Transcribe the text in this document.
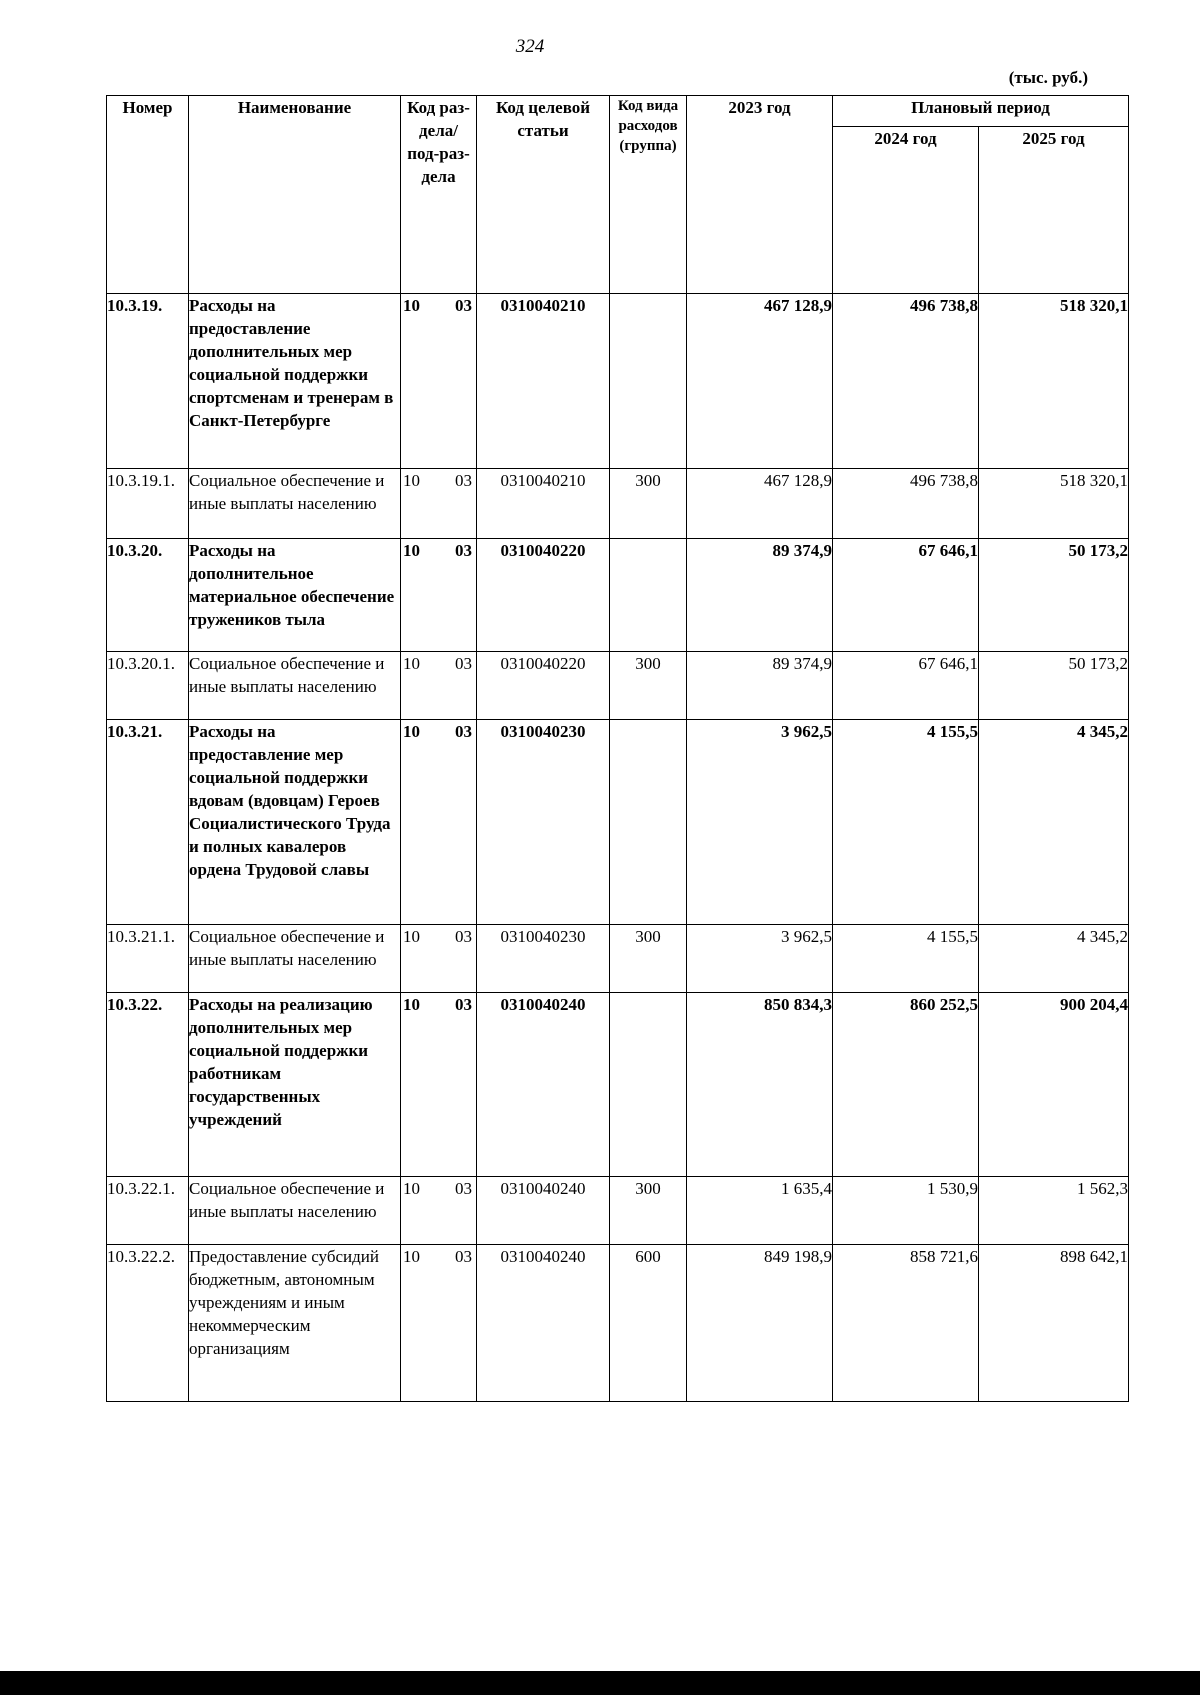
324
(тыс. руб.)
Номер	Наименование	Код раз-дела/ под-раз-дела	Код целевой статьи	Код вида расходов (группа)	2023 год	Плановый период	
						2024 год	2025 год
10.3.19.	Расходы на предоставление дополнительных мер социальной поддержки спортсменам и тренерам в Санкт-Петербурге	10 03	0310040210		467 128,9	496 738,8	518 320,1
10.3.19.1.	Социальное обеспечение и иные выплаты населению	10 03	0310040210	300	467 128,9	496 738,8	518 320,1
10.3.20.	Расходы на дополнительное материальное обеспечение тружеников тыла	10 03	0310040220		89 374,9	67 646,1	50 173,2
10.3.20.1.	Социальное обеспечение и иные выплаты населению	10 03	0310040220	300	89 374,9	67 646,1	50 173,2
10.3.21.	Расходы на предоставление мер социальной поддержки вдовам (вдовцам) Героев Социалистического Труда и полных кавалеров ордена Трудовой славы	10 03	0310040230		3 962,5	4 155,5	4 345,2
10.3.21.1.	Социальное обеспечение и иные выплаты населению	10 03	0310040230	300	3 962,5	4 155,5	4 345,2
10.3.22.	Расходы на реализацию дополнительных мер социальной поддержки работникам государственных учреждений	10 03	0310040240		850 834,3	860 252,5	900 204,4
10.3.22.1.	Социальное обеспечение и иные выплаты населению	10 03	0310040240	300	1 635,4	1 530,9	1 562,3
10.3.22.2.	Предоставление субсидий бюджетным, автономным учреждениям и иным некоммерческим организациям	10 03	0310040240	600	849 198,9	858 721,6	898 642,1
